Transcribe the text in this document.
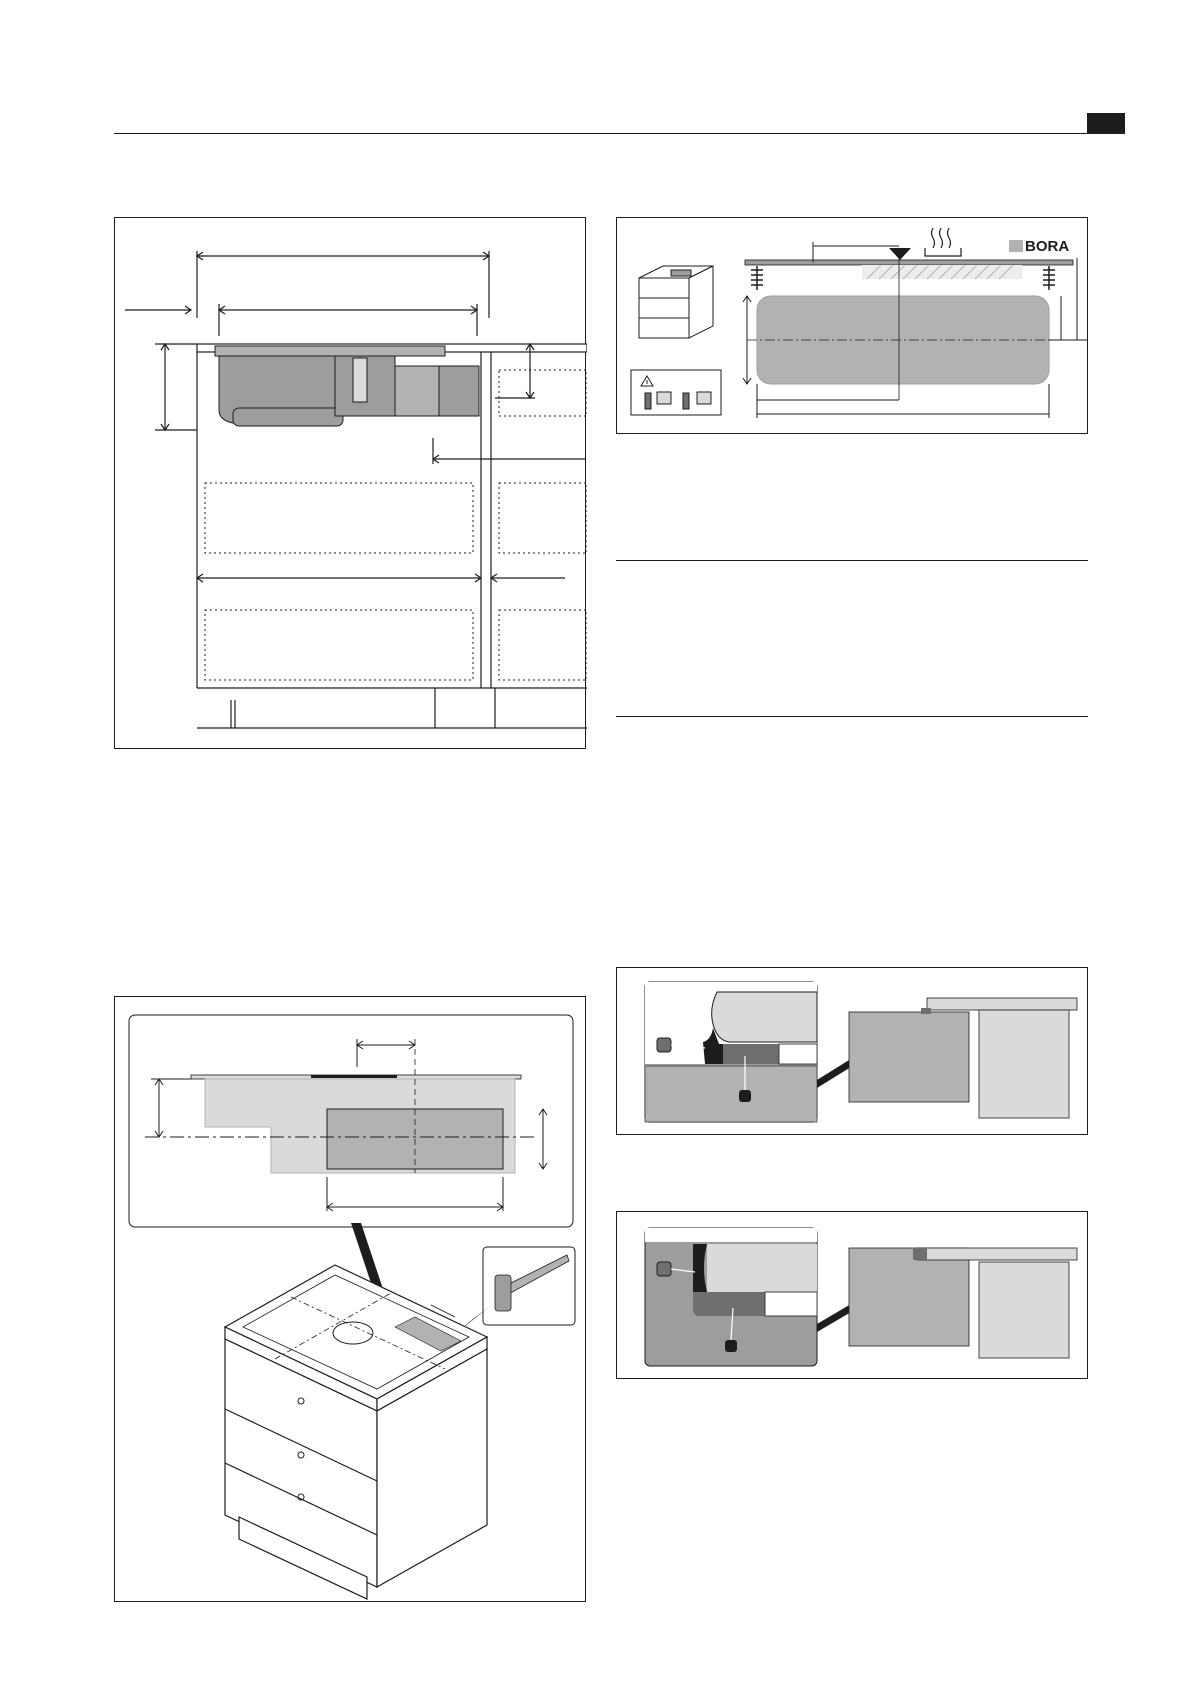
BORA
